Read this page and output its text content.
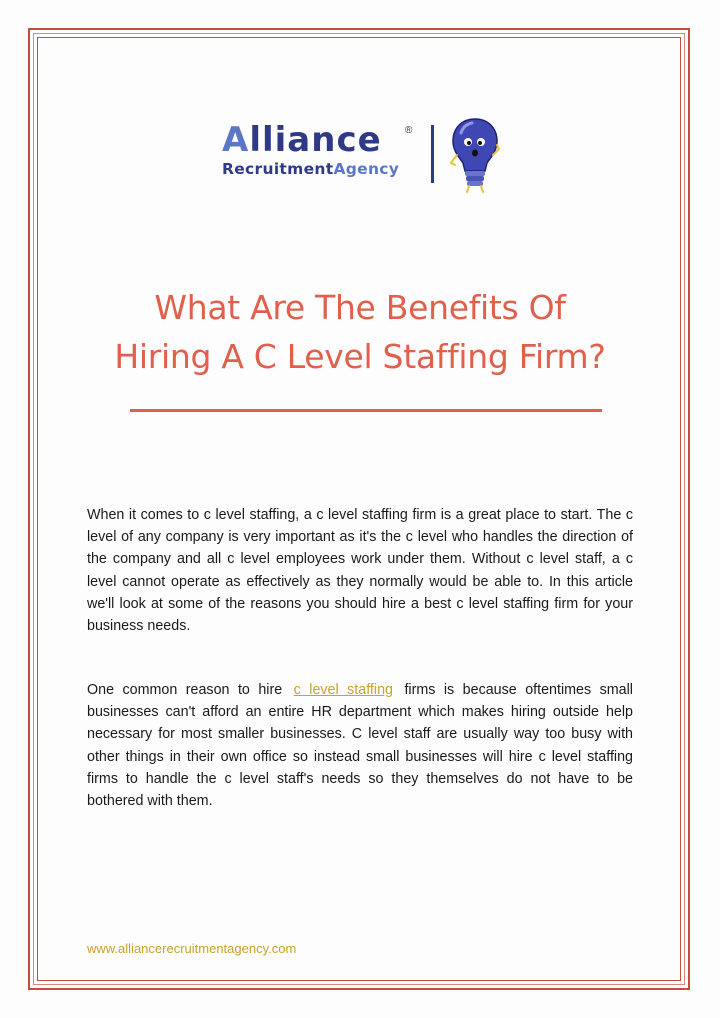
Alliance ®
RecruitmentAgency
What Are The Benefits Of
Hiring A C Level Staffing Firm?

When it comes to c level staffing, a c level staffing firm is a great place to start. The c level of any company is very important as it's the c level who handles the direction of the company and all c level employees work under them. Without c level staff, a c level cannot operate as effectively as they normally would be able to. In this article we'll look at some of the reasons you should hire a best c level staffing firm for your business needs.

One common reason to hire c level staffing firms is because oftentimes small businesses can't afford an entire HR department which makes hiring outside help necessary for most smaller businesses. C level staff are usually way too busy with other things in their own office so instead small businesses will hire c level staffing firms to handle the c level staff's needs so they themselves do not have to be bothered with them.

www.alliancerecruitmentagency.com
